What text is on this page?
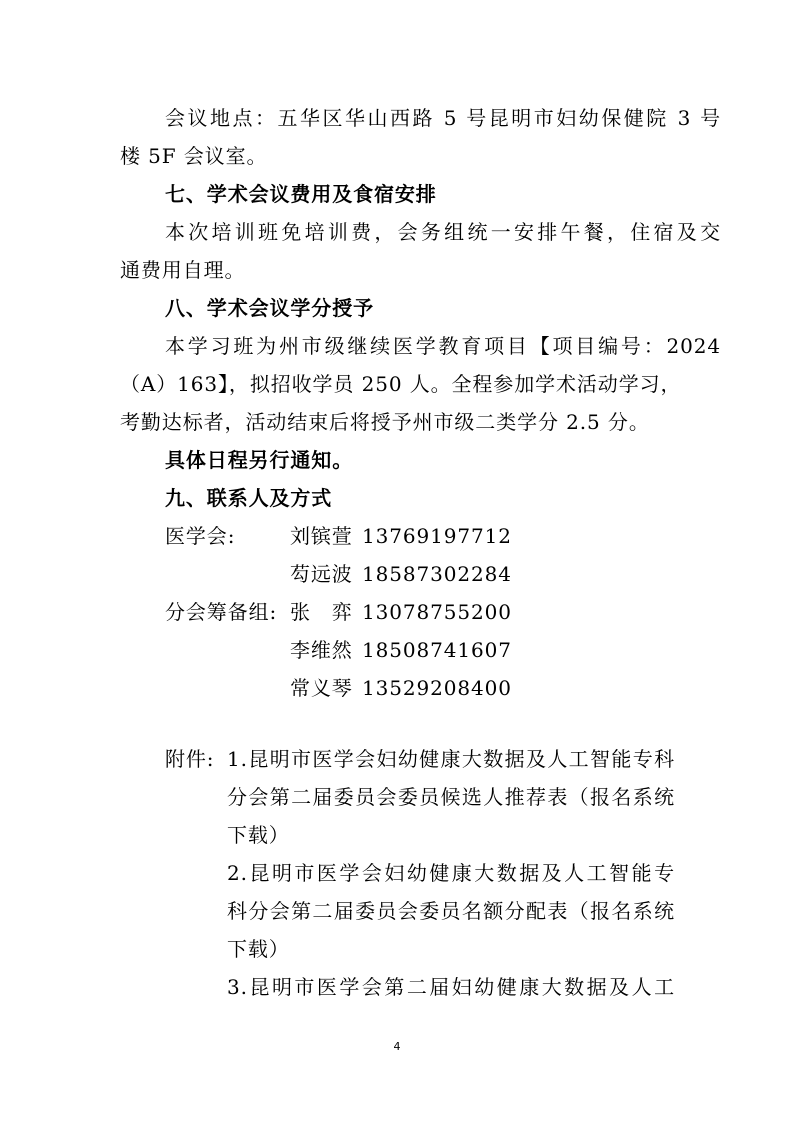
会议地点：五华区华山西路 5 号昆明市妇幼保健院 3 号

楼 5F 会议室。

七、学术会议费用及食宿安排

本次培训班免培训费，会务组统一安排午餐，住宿及交

通费用自理。

八、学术会议学分授予

本学习班为州市级继续医学教育项目【项目编号：2024

（A）163】，拟招收学员 250 人。全程参加学术活动学习，

考勤达标者，活动结束后将授予州市级二类学分 2.5 分。

具体日程另行通知。

九、联系人及方式

医学会:	刘镔萱 13769197712

芶远波 18587302284

分会筹备组: 张　弈 13078755200

李维然 18508741607

常义琴 13529208400

附件: 1.昆明市医学会妇幼健康大数据及人工智能专科

分会第二届委员会委员候选人推荐表（报名系统

下载）

2.昆明市医学会妇幼健康大数据及人工智能专

科分会第二届委员会委员名额分配表（报名系统

下载）

3.昆明市医学会第二届妇幼健康大数据及人工

4
